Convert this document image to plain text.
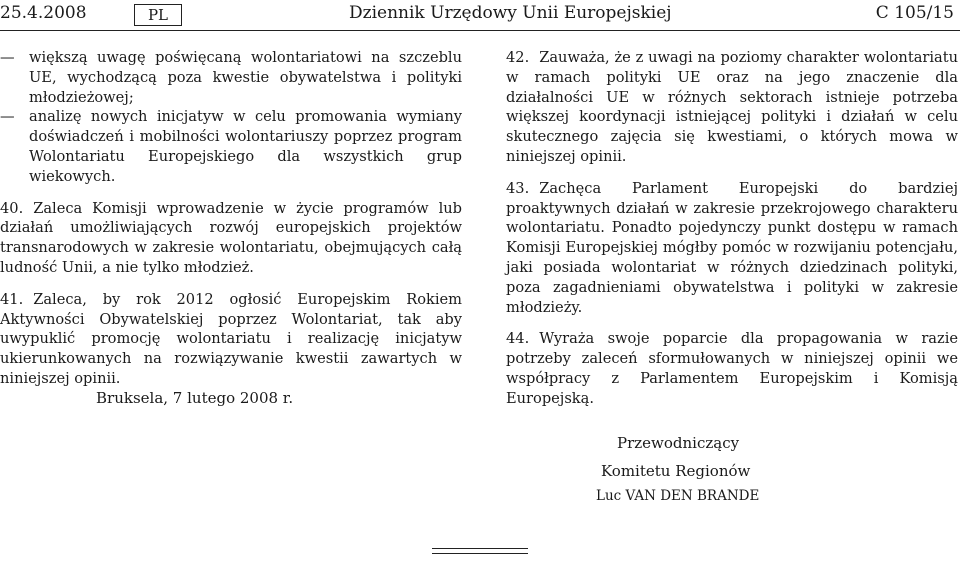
25.4.2008	PL	Dziennik Urzędowy Unii Europejskiej	C 105/15
— większą uwagę poświęcaną wolontariatowi na szczeblu UE, wychodzącą poza kwestie obywatelstwa i polityki młodzieżowej;
— analizę nowych inicjatyw w celu promowania wymiany doświadczeń i mobilności wolontariuszy poprzez program Wolontariatu Europejskiego dla wszystkich grup wiekowych.

40. Zaleca Komisji wprowadzenie w życie programów lub działań umożliwiających rozwój europejskich projektów transnarodowych w zakresie wolontariatu, obejmujących całą ludność Unii, a nie tylko młodzież.

41. Zaleca, by rok 2012 ogłosić Europejskim Rokiem Aktywności Obywatelskiej poprzez Wolontariat, tak aby uwypuklić promocję wolontariatu i realizację inicjatyw ukierunkowanych na rozwiązywanie kwestii zawartych w niniejszej opinii.

42. Zauważa, że z uwagi na poziomy charakter wolontariatu w ramach polityki UE oraz na jego znaczenie dla działalności UE w różnych sektorach istnieje potrzeba większej koordynacji istniejącej polityki i działań w celu skutecznego zajęcia się kwestiami, o których mowa w niniejszej opinii.

43. Zachęca Parlament Europejski do bardziej proaktywnych działań w zakresie przekrojowego charakteru wolontariatu. Ponadto pojedynczy punkt dostępu w ramach Komisji Europejskiej mógłby pomóc w rozwijaniu potencjału, jaki posiada wolontariat w różnych dziedzinach polityki, poza zagadnieniami obywatelstwa i polityki w zakresie młodzieży.

44. Wyraża swoje poparcie dla propagowania w razie potrzeby zaleceń sformułowanych w niniejszej opinii we współpracy z Parlamentem Europejskim i Komisją Europejską.

Bruksela, 7 lutego 2008 r.
Przewodniczący
Komitetu Regionów
Luc VAN DEN BRANDE
